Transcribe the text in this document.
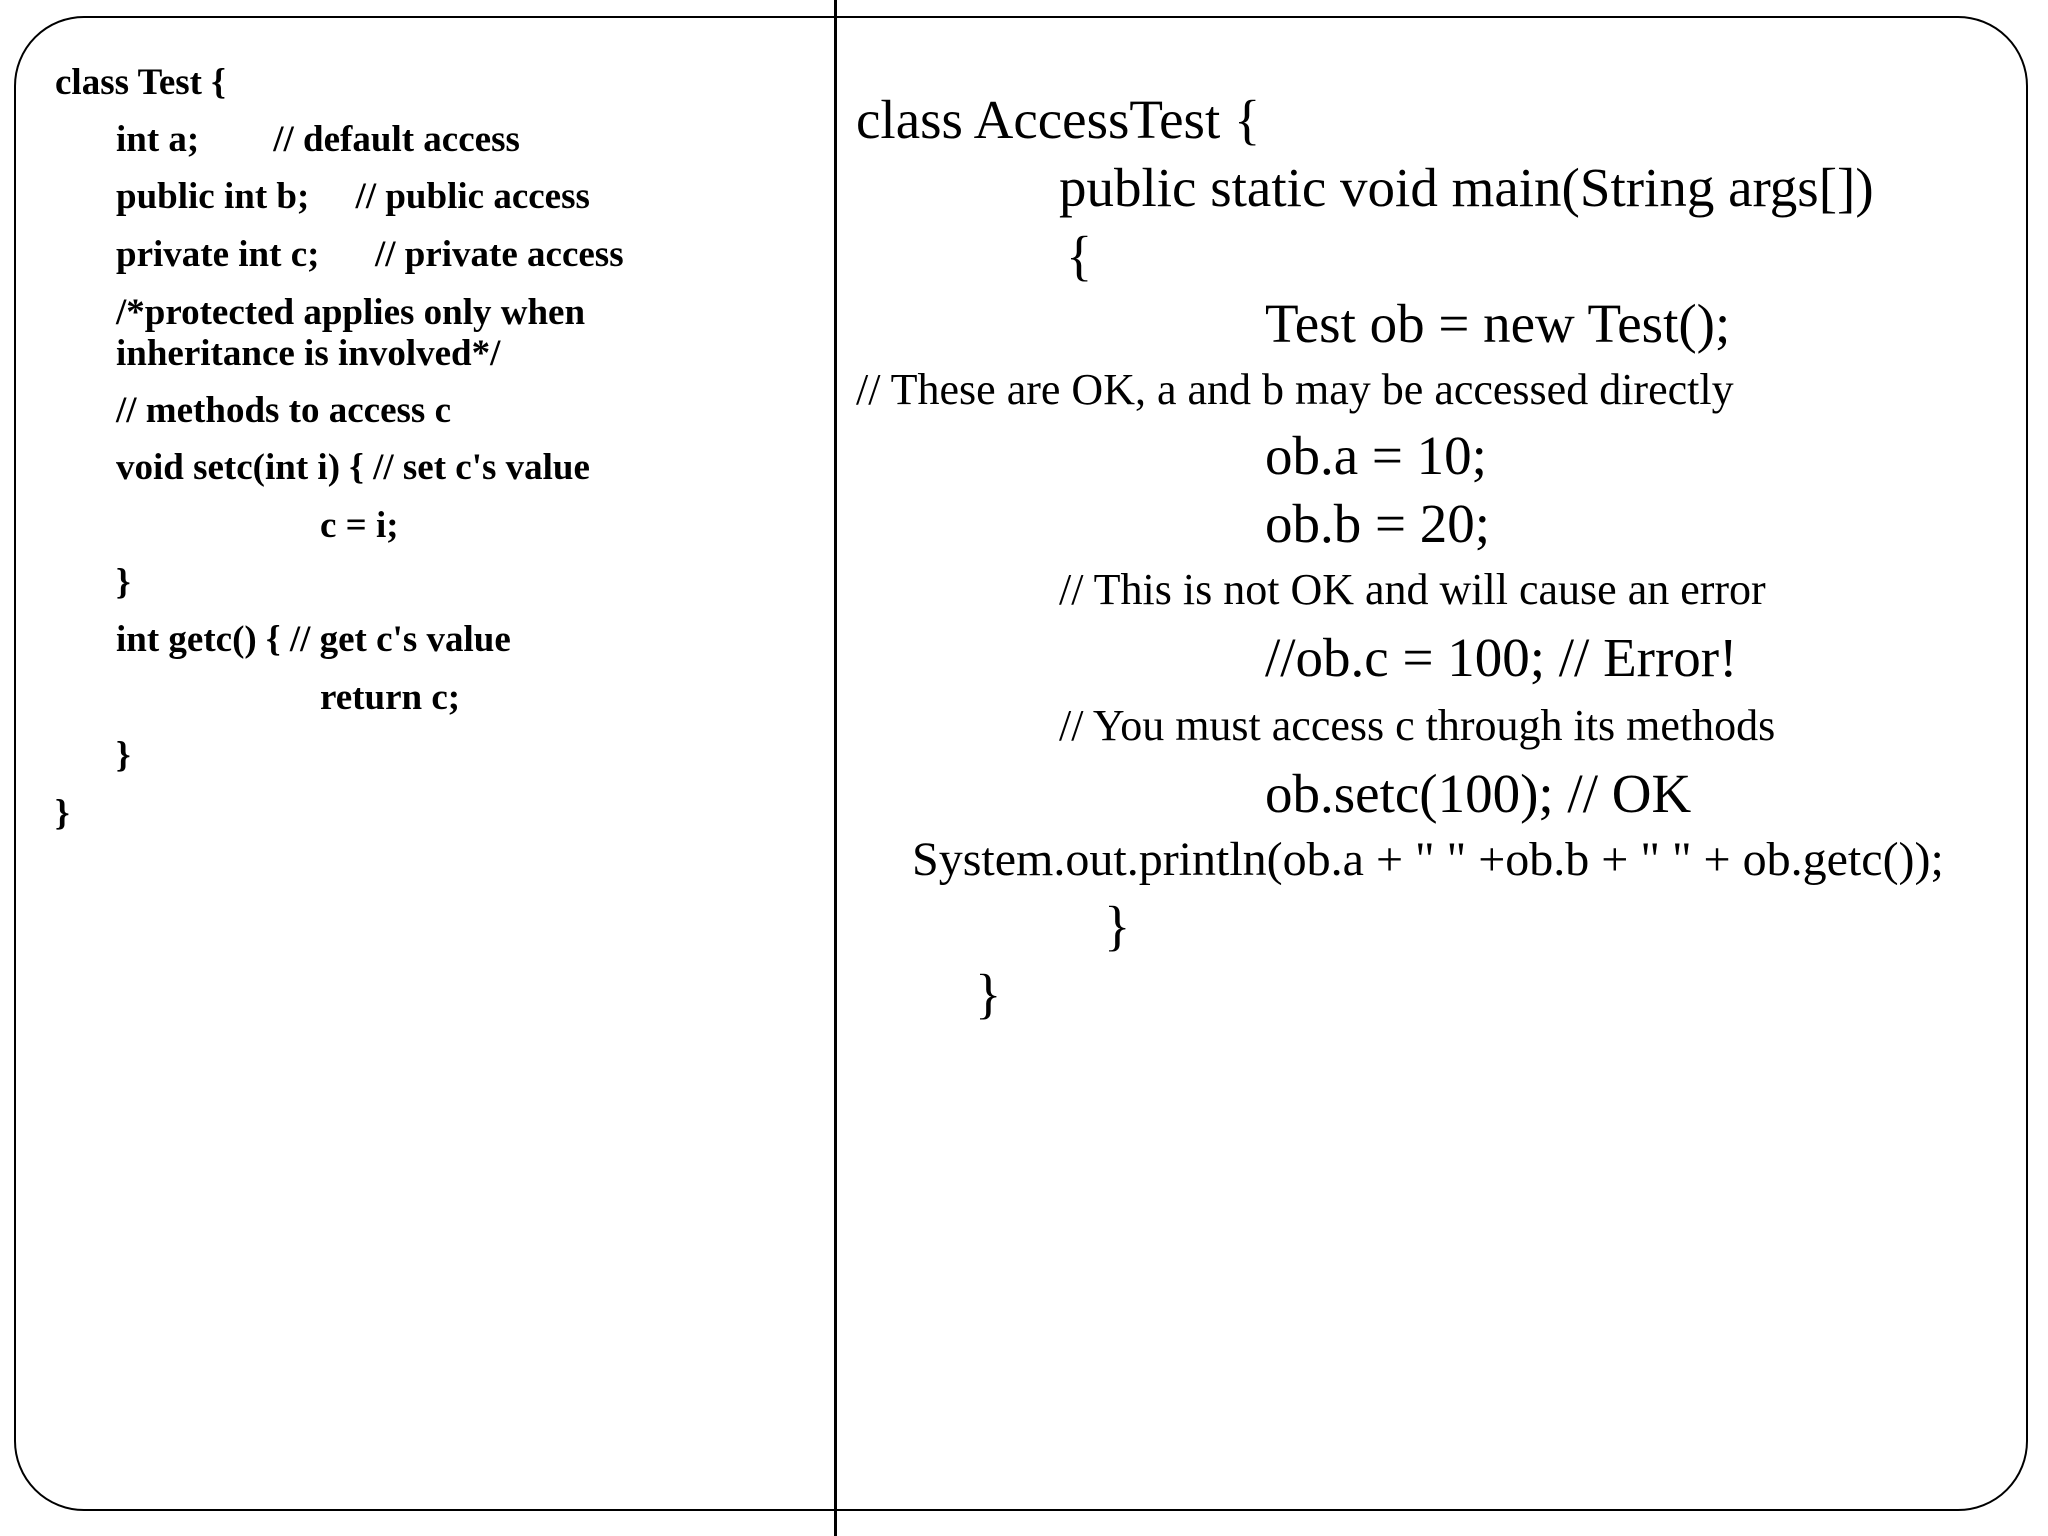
class Test {
int a;        // default access
public int b;     // public access
private int c;      // private access
/*protected applies only when
inheritance is involved*/
// methods to access c
void setc(int i) { // set c's value
c = i;
}
int getc() { // get c's value
return c;
}
}
class AccessTest {
public static void main(String args[])
{
Test ob = new Test();
// These are OK, a and b may be accessed directly
ob.a = 10;
ob.b = 20;
// This is not OK and will cause an error
//ob.c = 100; // Error!
// You must access c through its methods
ob.setc(100); // OK
System.out.println(ob.a + " " +ob.b + " " + ob.getc());
}
}
